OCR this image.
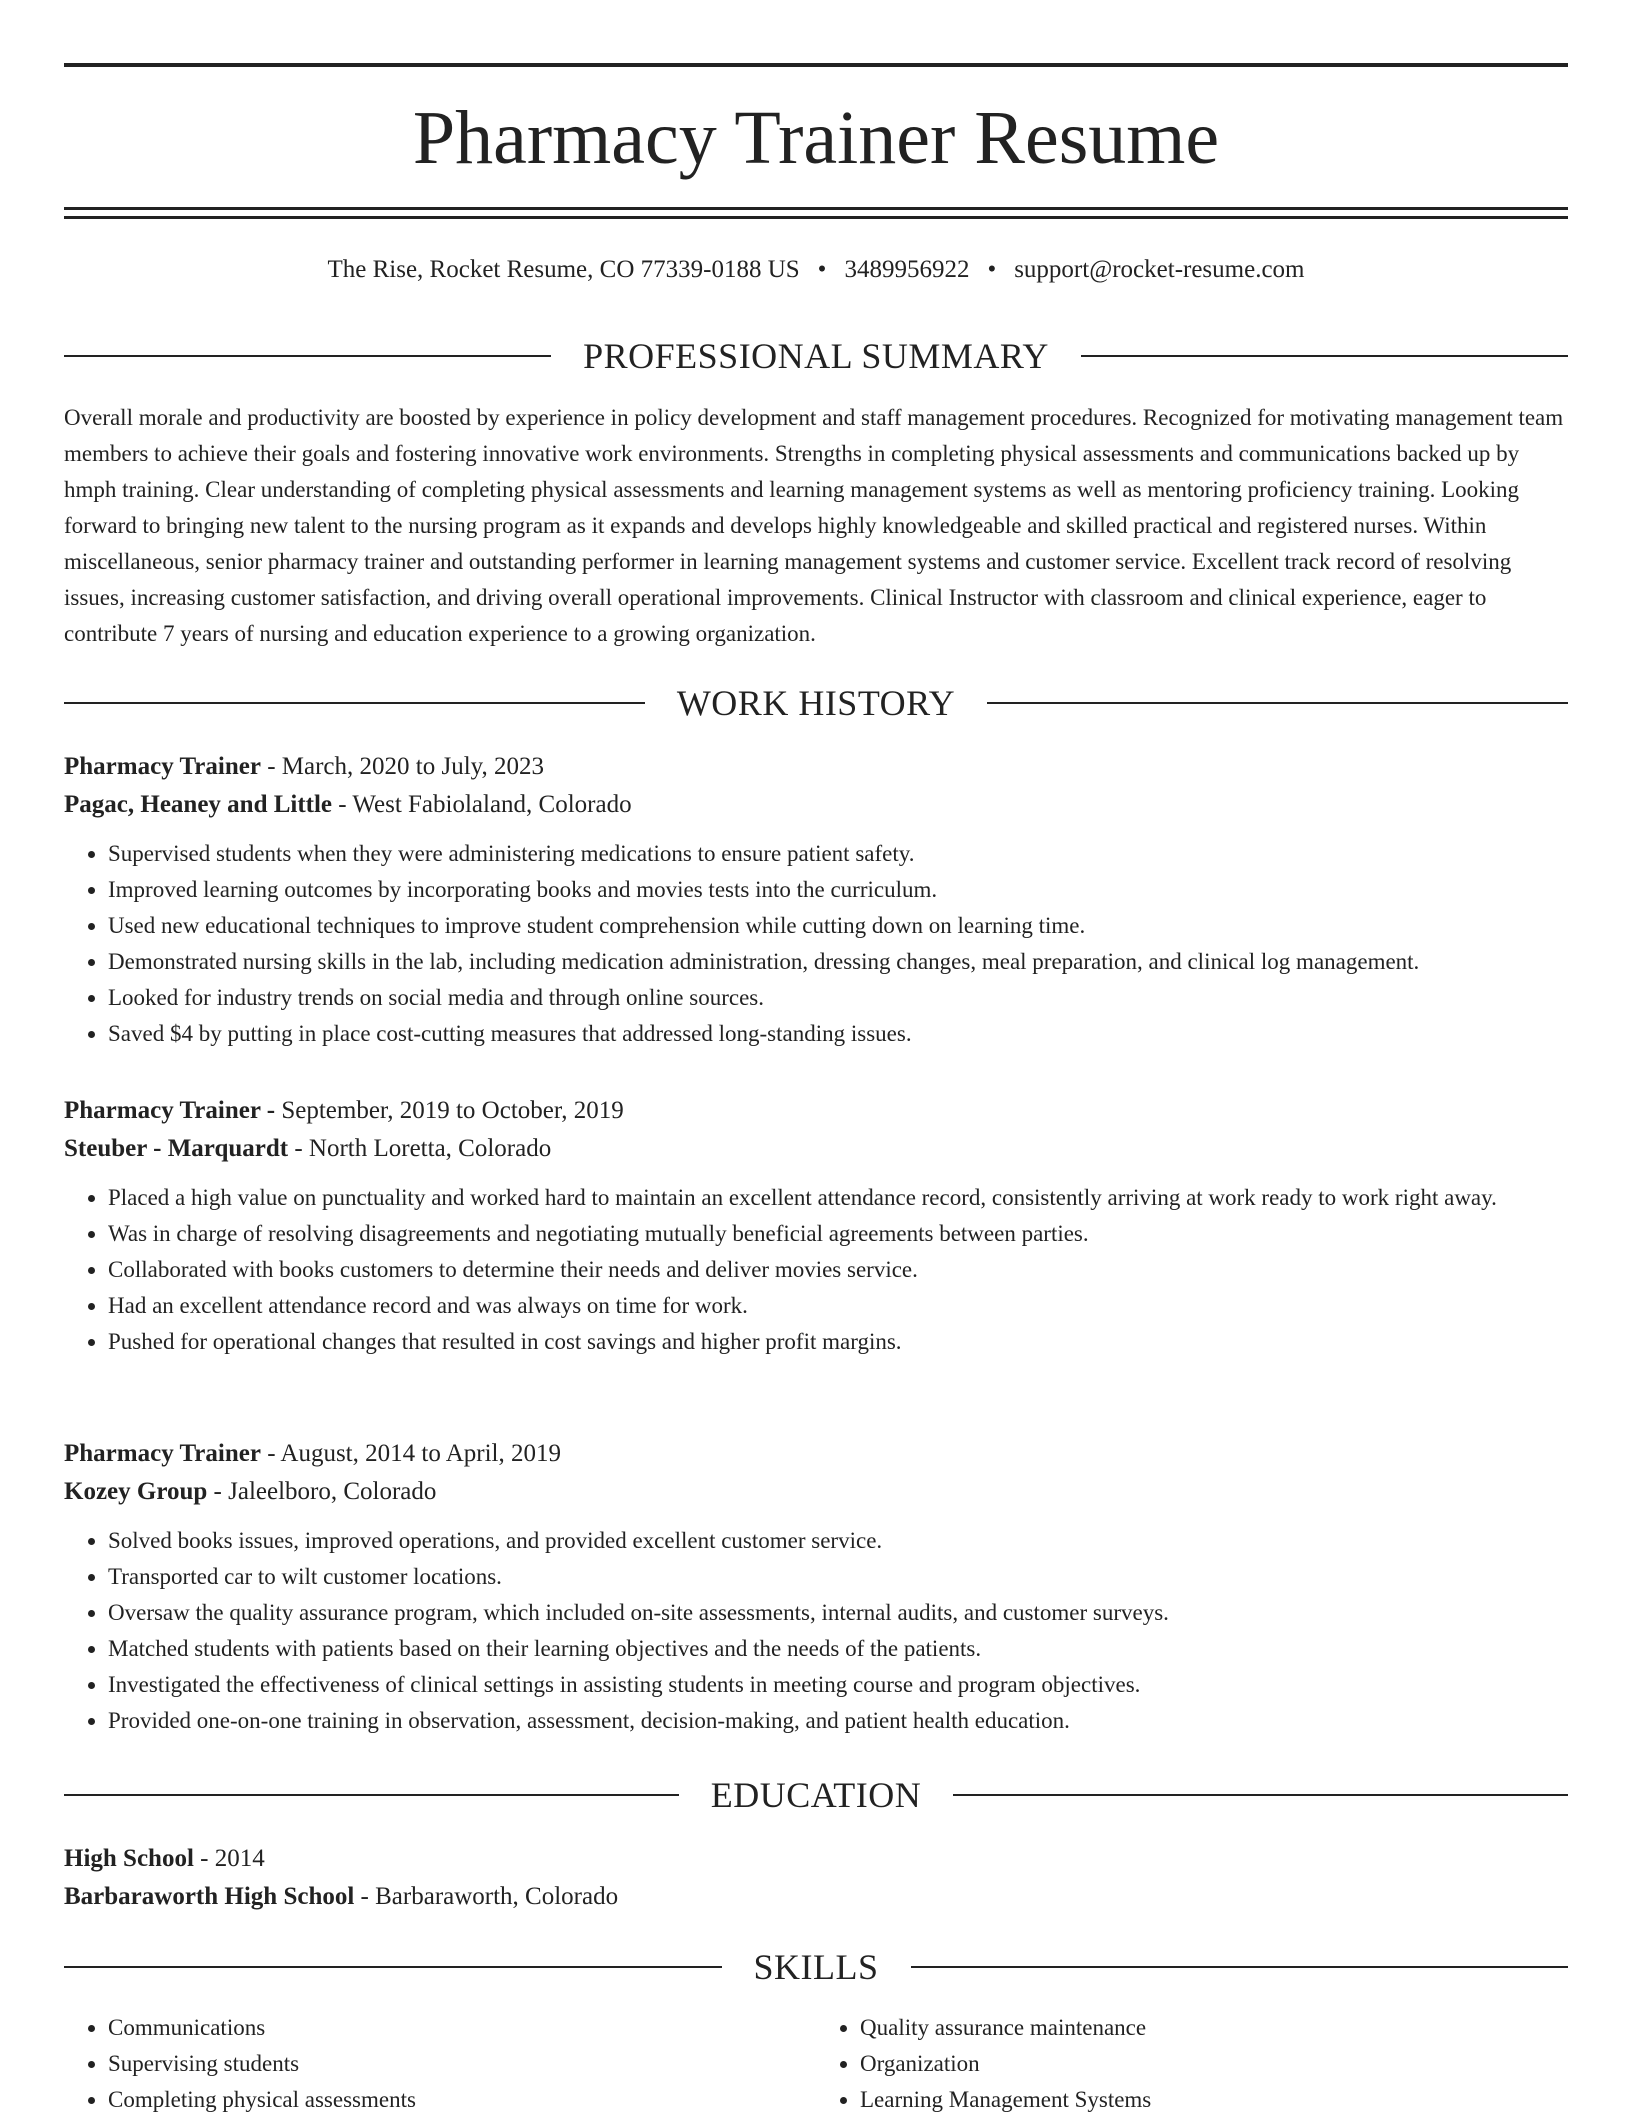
Pharmacy Trainer Resume
The Rise, Rocket Resume, CO 77339-0188 US • 3489956922 • support@rocket-resume.com
PROFESSIONAL SUMMARY

Overall morale and productivity are boosted by experience in policy development and staff management procedures. Recognized for motivating management team members to achieve their goals and fostering innovative work environments. Strengths in completing physical assessments and communications backed up by hmph training. Clear understanding of completing physical assessments and learning management systems as well as mentoring proficiency training. Looking forward to bringing new talent to the nursing program as it expands and develops highly knowledgeable and skilled practical and registered nurses. Within miscellaneous, senior pharmacy trainer and outstanding performer in learning management systems and customer service. Excellent track record of resolving issues, increasing customer satisfaction, and driving overall operational improvements. Clinical Instructor with classroom and clinical experience, eager to contribute 7 years of nursing and education experience to a growing organization.

WORK HISTORY
Pharmacy Trainer - March, 2020 to July, 2023
Pagac, Heaney and Little - West Fabiolaland, Colorado
• Supervised students when they were administering medications to ensure patient safety.
• Improved learning outcomes by incorporating books and movies tests into the curriculum.
• Used new educational techniques to improve student comprehension while cutting down on learning time.
• Demonstrated nursing skills in the lab, including medication administration, dressing changes, meal preparation, and clinical log management.
• Looked for industry trends on social media and through online sources.
• Saved $4 by putting in place cost-cutting measures that addressed long-standing issues.
Pharmacy Trainer - September, 2019 to October, 2019
Steuber - Marquardt - North Loretta, Colorado
• Placed a high value on punctuality and worked hard to maintain an excellent attendance record, consistently arriving at work ready to work right away.
• Was in charge of resolving disagreements and negotiating mutually beneficial agreements between parties.
• Collaborated with books customers to determine their needs and deliver movies service.
• Had an excellent attendance record and was always on time for work.
• Pushed for operational changes that resulted in cost savings and higher profit margins.
Pharmacy Trainer - August, 2014 to April, 2019
Kozey Group - Jaleelboro, Colorado
• Solved books issues, improved operations, and provided excellent customer service.
• Transported car to wilt customer locations.
• Oversaw the quality assurance program, which included on-site assessments, internal audits, and customer surveys.
• Matched students with patients based on their learning objectives and the needs of the patients.
• Investigated the effectiveness of clinical settings in assisting students in meeting course and program objectives.
• Provided one-on-one training in observation, assessment, decision-making, and patient health education.
EDUCATION
High School - 2014
Barbaraworth High School - Barbaraworth, Colorado
SKILLS
• Communications
• Supervising students
• Completing physical assessments
• Quality assurance maintenance
• Organization
• Learning Management Systems
